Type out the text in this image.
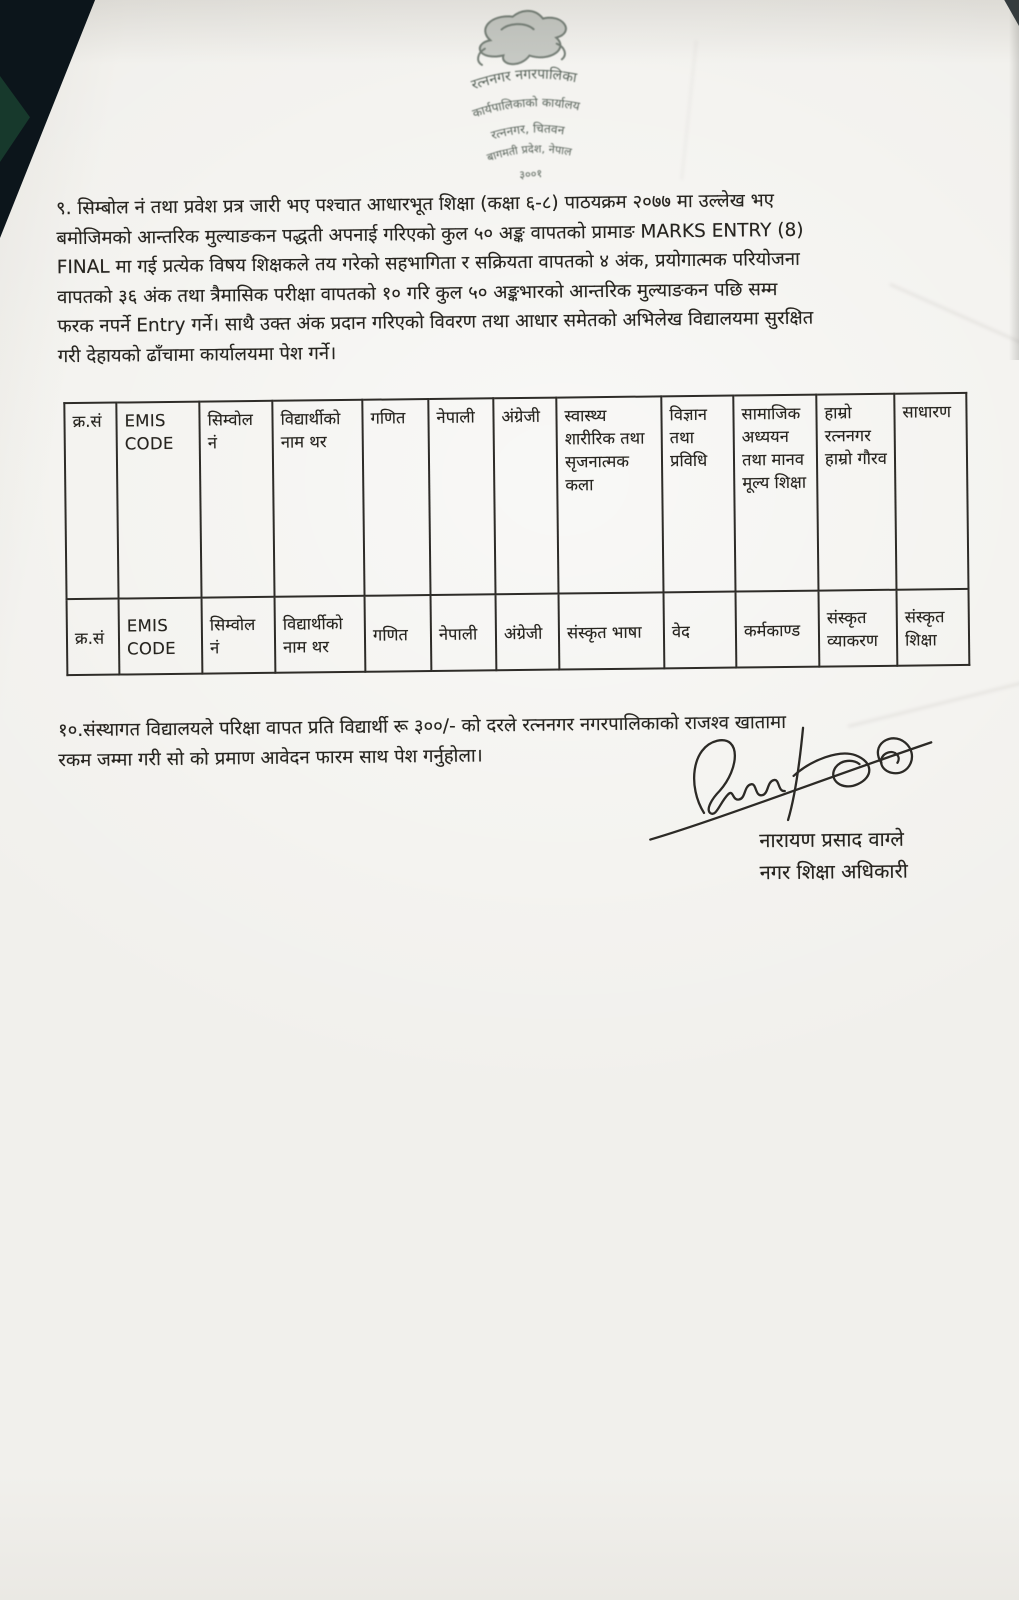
रत्ननगर नगरपालिका
कार्यपालिकाको कार्यालय
रत्ननगर, चितवन
बागमती प्रदेश, नेपाल
३००१
९. सिम्बोल नं तथा प्रवेश प्रत्र जारी भए पश्चात आधारभूत शिक्षा (कक्षा ६-८) पाठयक्रम २०७७ मा उल्लेख भए
बमोजिमको आन्तरिक मुल्याङकन पद्धती अपनाई गरिएको कुल ५० अङ्क वापतको प्रामाङ MARKS ENTRY (8)
FINAL मा गई प्रत्येक विषय शिक्षकले तय गरेको सहभागिता र सक्रियता वापतको ४ अंक, प्रयोगात्मक परियोजना
वापतको ३६ अंक तथा त्रैमासिक परीक्षा वापतको १० गरि कुल ५० अङ्कभारको आन्तरिक मुल्याङकन पछि सम्म
फरक नपर्ने Entry गर्ने। साथै उक्त अंक प्रदान गरिएको विवरण तथा आधार समेतको अभिलेख विद्यालयमा सुरक्षित
गरी देहायको ढाँचामा कार्यालयमा पेश गर्ने।
क्र.सं	EMIS CODE	सिम्वोल नं	विद्यार्थीको नाम थर	गणित	नेपाली	अंग्रेजी	स्वास्थ्य शारीरिक तथा सृजनात्मक कला	विज्ञान तथा प्रविधि	सामाजिक अध्ययन तथा मानव मूल्य शिक्षा	हाम्रो रत्ननगर हाम्रो गौरव	साधारण
क्र.सं	EMIS CODE	सिम्वोल नं	विद्यार्थीको नाम थर	गणित	नेपाली	अंग्रेजी	संस्कृत भाषा	वेद	कर्मकाण्ड	संस्कृत व्याकरण	संस्कृत शिक्षा
१०.संस्थागत विद्यालयले परिक्षा वापत प्रति विद्यार्थी रू ३००/- को दरले रत्ननगर नगरपालिकाको राजश्व खातामा
रकम जम्मा गरी सो को प्रमाण आवेदन फारम साथ पेश गर्नुहोला।
नारायण प्रसाद वाग्ले
नगर शिक्षा अधिकारी
